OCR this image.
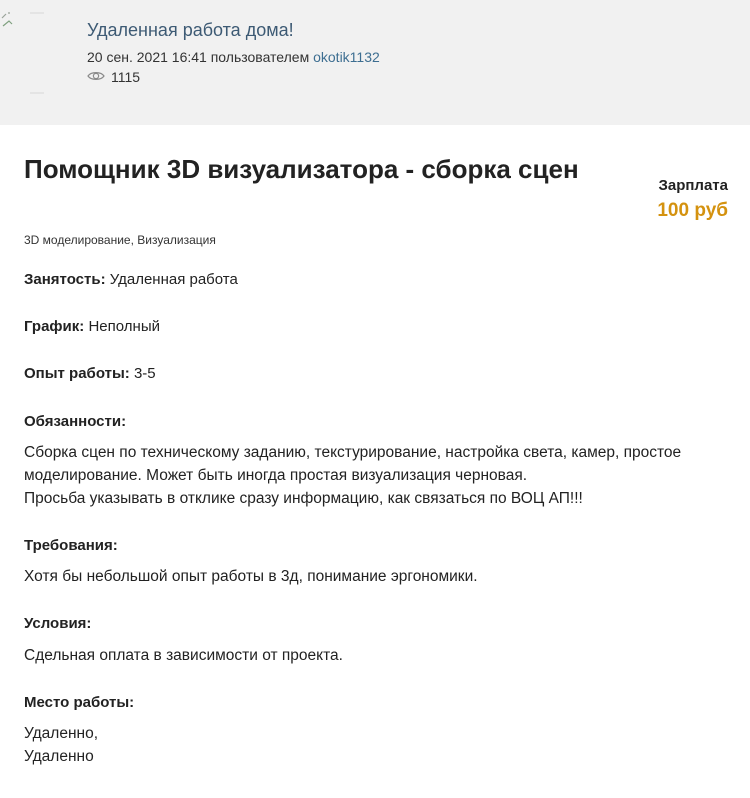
Удаленная работа дома!
20 сен. 2021 16:41 пользователем okotik1132
1115
Помощник 3D визуализатора - сборка сцен
Зарплата
100 руб
3D моделирование, Визуализация
Занятость: Удаленная работа
График: Неполный
Опыт работы: 3-5
Обязанности:
Сборка сцен по техническому заданию, текстурирование, настройка света, камер, простое
моделирование. Может быть иногда простая визуализация черновая.
Просьба указывать в отклике сразу информацию, как связаться по ВОЦ АП!!!
Требования:
Хотя бы небольшой опыт работы в 3д, понимание эргономики.
Условия:
Сдельная оплата в зависимости от проекта.
Место работы:
Удаленно,
Удаленно
